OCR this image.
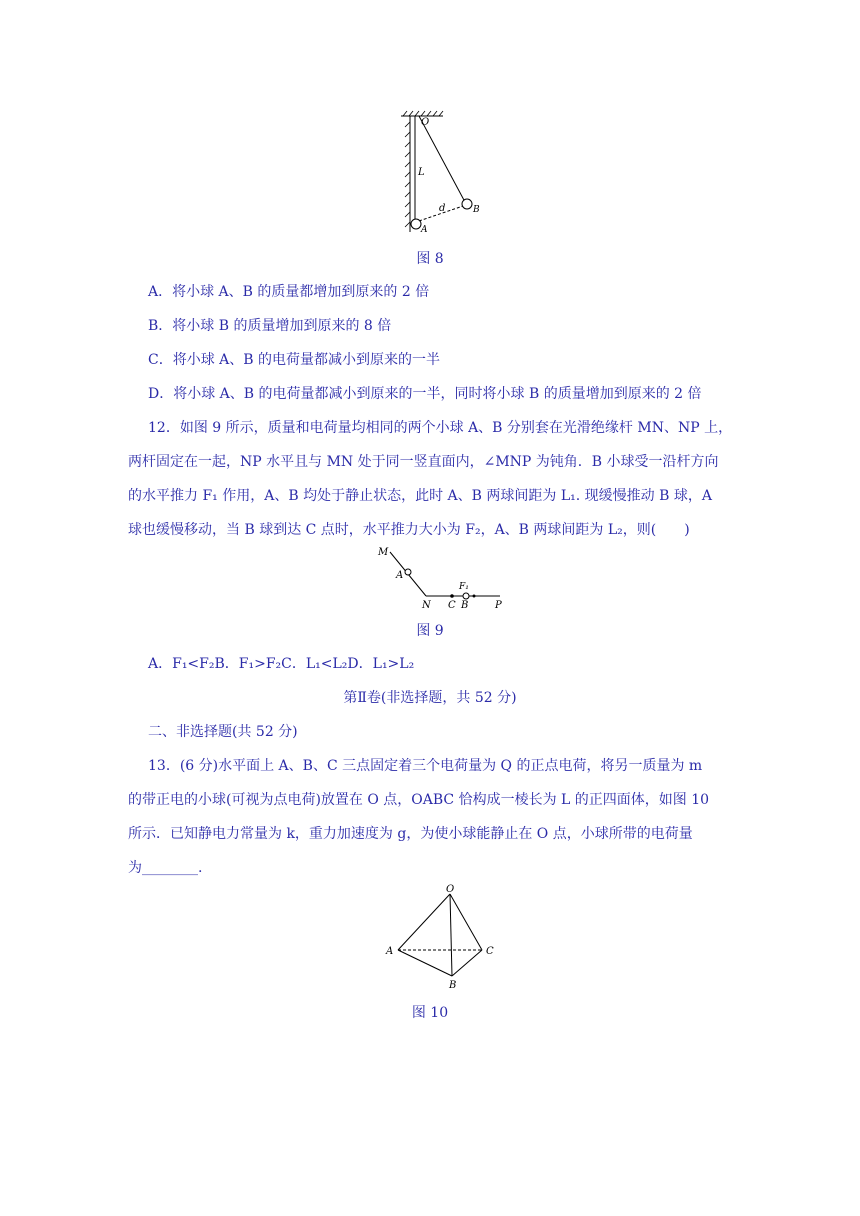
O
L
d
A
B
图 8
A．将小球 A、B 的质量都增加到原来的 2 倍
B．将小球 B 的质量增加到原来的 8 倍
C．将小球 A、B 的电荷量都减小到原来的一半
D．将小球 A、B 的电荷量都减小到原来的一半，同时将小球 B 的质量增加到原来的 2 倍
12．如图 9 所示，质量和电荷量均相同的两个小球 A、B 分别套在光滑绝缘杆 MN、NP 上，
两杆固定在一起，NP 水平且与 MN 处于同一竖直面内，∠MNP 为钝角．B 小球受一沿杆方向
的水平推力 F₁ 作用，A、B 均处于静止状态，此时 A、B 两球间距为 L₁. 现缓慢推动 B 球，A
球也缓慢移动，当 B 球到达 C 点时，水平推力大小为 F₂，A、B 两球间距为 L₂，则(　　)
M
A
N C B	P
F₁
图 9
A．F₁<F₂B．F₁>F₂C．L₁<L₂D．L₁>L₂
第Ⅱ卷(非选择题，共 52 分)
二、非选择题(共 52 分)
13．(6 分)水平面上 A、B、C 三点固定着三个电荷量为 Q 的正点电荷，将另一质量为 m
的带正电的小球(可视为点电荷)放置在 O 点，OABC 恰构成一棱长为 L 的正四面体，如图 10
所示．已知静电力常量为 k，重力加速度为 g，为使小球能静止在 O 点，小球所带的电荷量
为________.
O
A	C
B
图 10
